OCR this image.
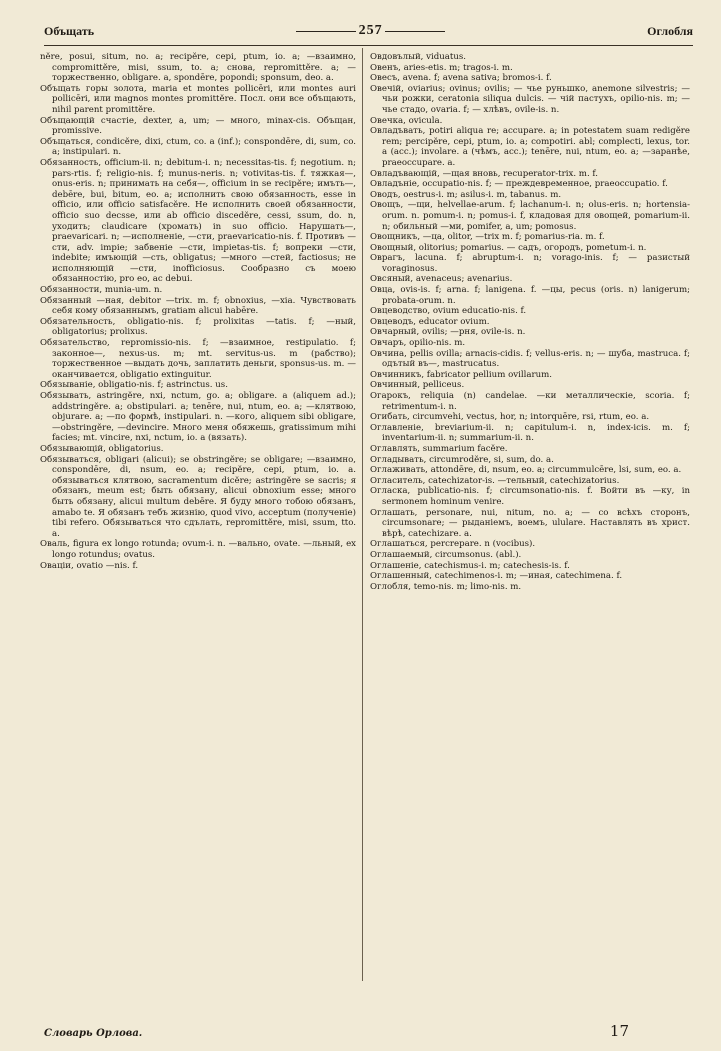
Объщать	257	Оглобля

nĕre, posui, situm, no. a; recipĕre, cepi, ptum, io. a; —взаимно, compromittĕre, misi, ssum, to. a; снова, repromittĕre. a; —торжественно, obligare. a, spondēre, popondi; sponsum, deo. a.

Объщать горы золота, maria et montes pollicēri, или montes auri pollicēri, или magnos montes promittĕre. Посл. они все объщають, nihil parent promittĕre.

Объщающій счастіе, dexter, a, um; — много, minax-cis. Объщан, promissive.

Объщаться, condicĕre, dixi, ctum, co. a (inf.); conspondēre, di, sum, co. a; instipulari. n.

Обязанность, officium-ii. n; debitum-i. n; necessitas-tis. f; negotium. n; pars-rtis. f; religio-nis. f; munus-neris. n; votivitas-tis. f. тяжкая—, onus-eris. n; принимать на себя—, officium in se recipĕre; имъть—, debēre, bui, bitum, eo. a; исполнить свою обязанность, esse in officio, или officio satisfacĕre. Не исполнить своей обязанности, officio suo decsse, или ab officio discedĕre, cessi, ssum, do. n, уходить; claudicare (хромать) in suo officio. Нарушать—, praevaricari. n; —исполненіе, —сти, praevaricatio-nis. f. Противъ —сти, adv. impie; забвеніе —сти, impietas-tis. f; вопреки —сти, indebite; имъющій —сть, obligatus; —много —стей, factiosus; не исполняющій —сти, inofficiosus. Сообразно съ моею обязанностію, pro eo, ac debui.

Обязанности, munia-um. n.

Обязанный —ная, debitor —trix. m. f; obnoxius, —xia. Чувствовать себя кому обязаннымъ, gratiam alicui habēre.

Обязательность, obligatio-nis. f; prolixitas —tatis. f; —ный, obligatorius; prolixus.

Обязательство, repromissio-nis. f; —взаимное, restipulatio. f; законное—, nexus-us. m; mt. servitus-us. m (рабство); торжественное —выдать дочь, заплатить деньги, sponsus-us. m. —оканчивается, obligatio extinguitur.

Обязываніе, obligatio-nis. f; astrinctus. us.

Обязывать, astringĕre, nxi, nctum, go. a; obligare. a (aliquem ad.); addstringĕre. a; obstipulari. a; tenēre, nui, ntum, eo. a; —клятвою, objurare. a; —по формѣ, instipulari. n. —кого, aliquem sibi obligare, —obstringĕre, —devincire. Много меня обяжешь, gratissimum mihi facies; mt. vincire, nxi, nctum, io. a (вязать).

Обязывающій, obligatorius.

Обязываться, obligari (alicui); se obstringĕre; se obligare; —взаимно, conspondēre, di, nsum, eo. a; recipĕre, cepi, ptum, io. a. обязываться клятвою, sacramentum dicĕre; astringĕre se sacris; я обязанъ, meum est; быть обязану, alicui obnoxium esse; много быть обязану, alicui multum debēre. Я буду много тобою обязанъ, amabo te. Я обязанъ тебъ жизнію, quod vivo, acceptum (полученіе) tibi refero. Обязываться что сдълать, repromittĕre, misi, ssum, tto. a.

Оваль, figura ex longo rotunda; ovum-i. n. —вально, ovate. —льный, ex longo rotundus; ovatus.

Оваціи, ovatio —nis. f.

Овдовълый, viduatus.

Овенъ, aries-etis. m; tragos-i. m.

Овесъ, avena. f; avena sativa; bromos-i. f.

Овечій, oviarius; ovinus; ovilis; — чье руньшко, anemone silvestris; — чьи рожки, ceratonia siliqua dulcis. — чій пастухъ, opilio-nis. m; — чье стадо, ovaria. f; — хлѣвъ, ovile-is. n.

Овечка, ovicula.

Овладъвать, potiri aliqua re; accupare. a; in potestatem suam redigĕre rem; percipĕre, cepi, ptum, io. a; compotiri. abl; complecti, lexus, tor. a (acc.); involare. a (чѣмъ, acc.); tenēre, nui, ntum, eo. a; —заранѣе, praeoccupare. a.

Овладъвающій, —щая вновь, recuperator-trix. m. f.

Овладъніе, occupatio-nis. f; — преждевременное, praeoccupatio. f.

Оводъ, oestrus-i. m; asilus-i. m, tabanus. m.

Овощъ, —щи, helvellae-arum. f; lachanum-i. n; olus-eris. n; hortensia-orum. n. pomum-i. n; pomus-i. f, кладовая для овощей, pomarium-ii. n; обильный —ми, pomifer, a, um; pomosus.

Овощникъ, —ца, olitor, —trix m. f; pomarius-ria. m. f.

Овощный, olitorius; pomarius. — садъ, огородъ, pometum-i. n.

Оврагъ, lacuna. f; abruptum-i. n; vorago-inis. f; — разистый voraginosus.

Овсяный, avenaceus; avenarius.

Овца, ovis-is. f; arna. f; lanigena. f. —цы, pecus (oris. n) lanigerum; probata-orum. n.

Овцеводство, ovium educatio-nis. f.

Овцеводъ, educator ovium.

Овчарный, ovilis; —рня, ovile-is. n.

Овчаръ, opilio-nis. m.

Овчина, pellis ovilla; arnacis-cidis. f; vellus-eris. n; — шуба, mastruca. f; одътый въ—, mastrucatus.

Овчинникъ, fabricator pellium ovillarum.

Овчинный, pelliceus.

Огарокъ, reliquia (n) candelae. —ки металлическіе, scoria. f; retrimentum-i. n.

Огибать, circumvehi, vectus, hor, n; intorquēre, rsi, rtum, eo. a.

Оглавленіе, breviarium-ii. n; capitulum-i. n, index-icis. m. f; inventarium-ii. n; summarium-ii. n.

Оглавлять, summarium facĕre.

Огладывать, circumrodĕre, si, sum, do. a.

Оглаживать, attondēre, di, nsum, eo. a; circummulcēre, lsi, sum, eo. a.

Огласитель, catechizator-is. —тельный, catechizatorius.

Огласка, publicatio-nis. f; circumsonatio-nis. f. Войти въ —ку, in sermonem hominum venire.

Оглашать, personare, nui, nitum, no. a; — со всѣхъ сторонъ, circumsonare; — рыданіемъ, воемъ, ululare. Наставлять въ христ. вѣрѣ, catechizare. a.

Оглашаться, perсreparе. n (vocibus).

Оглашаемый, circumsonus. (abl.).

Оглашеніе, catechismus-i. m; catechesis-is. f.

Оглашенный, catechimenos-i. m; —иная, catechimena. f.

Оглобля, temo-nis. m; limo-nis. m.

Словарь Орлова.	17
